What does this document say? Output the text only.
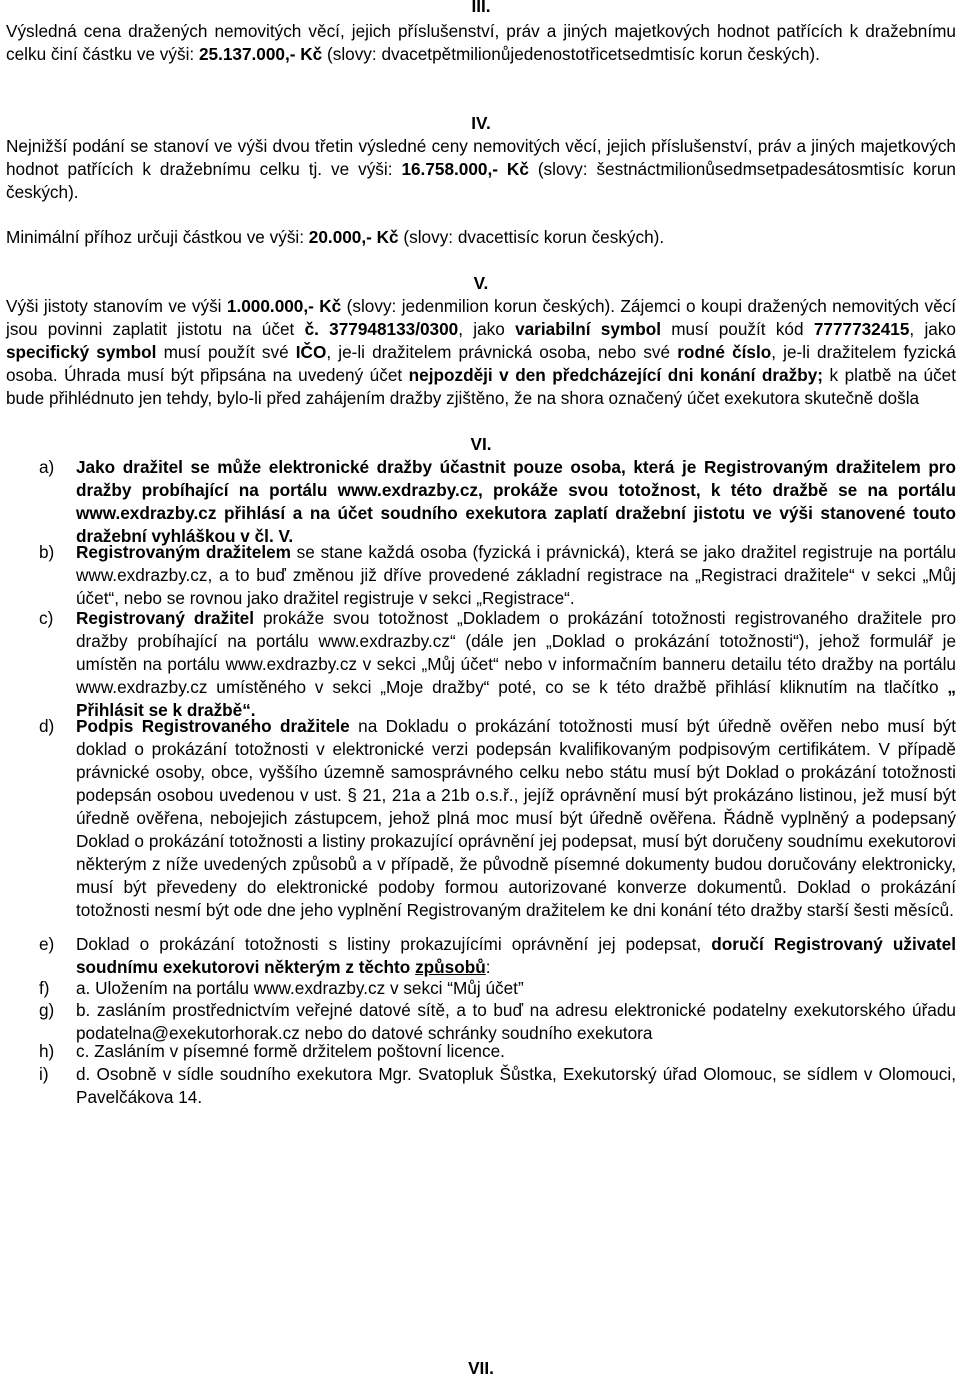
III.

Výsledná cena dražených nemovitých věcí, jejich příslušenství, práv a jiných majetkových hodnot patřících k dražebnímu celku činí částku ve výši: 25.137.000,- Kč (slovy: dvacetpětmilionůjedenostotřicetsedmtisíc korun českých).

IV.

Nejnižší podání se stanoví ve výši dvou třetin výsledné ceny nemovitých věcí, jejich příslušenství, práv a jiných majetkových hodnot patřících k dražebnímu celku tj. ve výši: 16.758.000,- Kč (slovy: šestnáctmilionůsedmsetpadesátosmtisíc korun českých).

Minimální příhoz určuji částkou ve výši: 20.000,- Kč (slovy: dvacettisíc korun českých).

V.

Výši jistoty stanovím ve výši 1.000.000,- Kč (slovy: jedenmilion korun českých). Zájemci o koupi dražených nemovitých věcí jsou povinni zaplatit jistotu na účet č. 377948133/0300, jako variabilní symbol musí použít kód 7777732415, jako specifický symbol musí použít své IČO, je-li dražitelem právnická osoba, nebo své rodné číslo, je-li dražitelem fyzická osoba. Úhrada musí být připsána na uvedený účet nejpozději v den předcházející dni konání dražby; k platbě na účet bude přihlédnuto jen tehdy, bylo-li před zahájením dražby zjištěno, že na shora označený účet exekutora skutečně došla

VI.
a) Jako dražitel se může elektronické dražby účastnit pouze osoba, která je Registrovaným dražitelem pro dražby probíhající na portálu www.exdrazby.cz, prokáže svou totožnost, k této dražbě se na portálu www.exdrazby.cz přihlásí a na účet soudního exekutora zaplatí dražební jistotu ve výši stanovené touto dražební vyhláškou v čl. V.
b) Registrovaným dražitelem se stane každá osoba (fyzická i právnická), která se jako dražitel registruje na portálu www.exdrazby.cz, a to buď změnou již dříve provedené základní registrace na „Registraci dražitele“ v sekci „Můj účet“, nebo se rovnou jako dražitel registruje v sekci „Registrace“.
c) Registrovaný dražitel prokáže svou totožnost „Dokladem o prokázání totožnosti registrovaného dražitele pro dražby probíhající na portálu www.exdrazby.cz“ (dále jen „Doklad o prokázání totožnosti“), jehož formulář je umístěn na portálu www.exdrazby.cz v sekci „Můj účet“ nebo v informačním banneru detailu této dražby na portálu www.exdrazby.cz umístěného v sekci „Moje dražby“ poté, co se k této dražbě přihlásí kliknutím na tlačítko „ Přihlásit se k dražbě“.
d) Podpis Registrovaného dražitele na Dokladu o prokázání totožnosti musí být úředně ověřen nebo musí být doklad o prokázání totožnosti v elektronické verzi podepsán kvalifikovaným podpisovým certifikátem. V případě právnické osoby, obce, vyššího územně samosprávného celku nebo státu musí být Doklad o prokázání totožnosti podepsán osobou uvedenou v ust. § 21, 21a a 21b o.s.ř., jejíž oprávnění musí být prokázáno listinou, jež musí být úředně ověřena, nebojejich zástupcem, jehož plná moc musí být úředně ověřena. Řádně vyplněný a podepsaný Doklad o prokázání totožnosti a listiny prokazující oprávnění jej podepsat, musí být doručeny soudnímu exekutorovi některým z níže uvedených způsobů a v případě, že původně písemné dokumenty budou doručovány elektronicky, musí být převedeny do elektronické podoby formou autorizované konverze dokumentů. Doklad o prokázání totožnosti nesmí být ode dne jeho vyplnění Registrovaným dražitelem ke dni konání této dražby starší šesti měsíců.
e) Doklad o prokázání totožnosti s listiny prokazujícími oprávnění jej podepsat, doručí Registrovaný uživatel soudnímu exekutorovi některým z těchto způsobů:
f) a. Uložením na portálu www.exdrazby.cz v sekci “Můj účet”
g) b. zasláním prostřednictvím veřejné datové sítě, a to buď na adresu elektronické podatelny exekutorského úřadu podatelna@exekutorhorak.cz nebo do datové schránky soudního exekutora
h) c. Zasláním v písemné formě držitelem poštovní licence.
i) d. Osobně v sídle soudního exekutora Mgr. Svatopluk Šůstka, Exekutorský úřad Olomouc, se sídlem v Olomouci, Pavelčákova 14.
VII.
